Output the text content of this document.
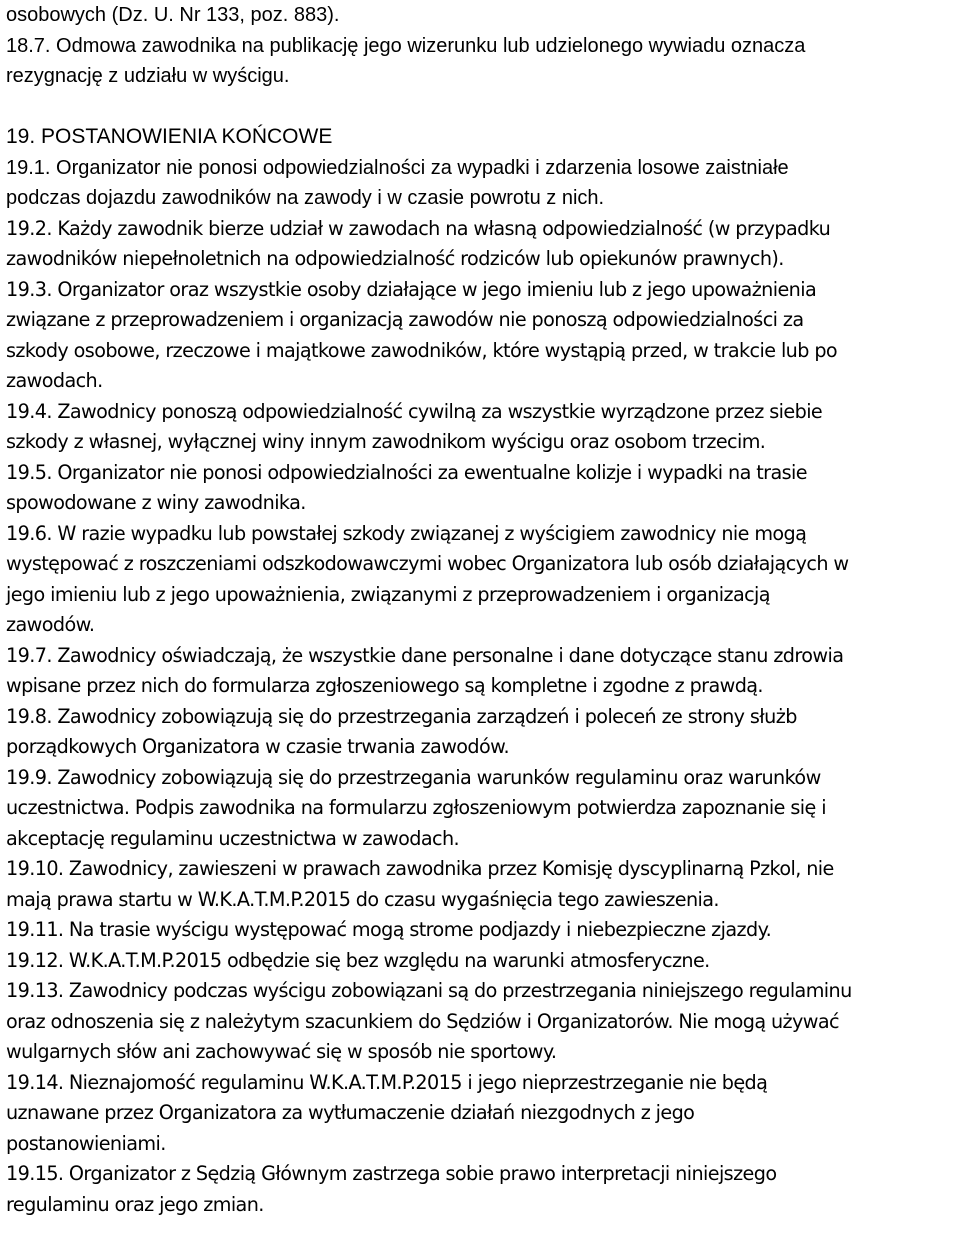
osobowych (Dz. U. Nr 133, poz. 883).

18.7. Odmowa zawodnika na publikację jego wizerunku lub udzielonego wywiadu oznacza

rezygnację z udziału w wyścigu.

19. POSTANOWIENIA KOŃCOWE

19.1. Organizator nie ponosi odpowiedzialności za wypadki i zdarzenia losowe zaistniałe

podczas dojazdu zawodników na zawody i w czasie powrotu z nich.

19.2. Każdy zawodnik bierze udział w zawodach na własną odpowiedzialność (w przypadku

zawodników niepełnoletnich na odpowiedzialność rodziców lub opiekunów prawnych).

19.3. Organizator oraz wszystkie osoby działające w jego imieniu lub z jego upoważnienia

związane z przeprowadzeniem i organizacją zawodów nie ponoszą odpowiedzialności za

szkody osobowe, rzeczowe i majątkowe zawodników, które wystąpią przed, w trakcie lub po

zawodach.

19.4. Zawodnicy ponoszą odpowiedzialność cywilną za wszystkie wyrządzone przez siebie

szkody z własnej, wyłącznej winy innym zawodnikom wyścigu oraz osobom trzecim.

19.5. Organizator nie ponosi odpowiedzialności za ewentualne kolizje i wypadki na trasie

spowodowane z winy zawodnika.

19.6. W razie wypadku lub powstałej szkody związanej z wyścigiem zawodnicy nie mogą

występować z roszczeniami odszkodowawczymi wobec Organizatora lub osób działających w

jego imieniu lub z jego upoważnienia, związanymi z przeprowadzeniem i organizacją

zawodów.

19.7. Zawodnicy oświadczają, że wszystkie dane personalne i dane dotyczące stanu zdrowia

wpisane przez nich do formularza zgłoszeniowego są kompletne i zgodne z prawdą.

19.8. Zawodnicy zobowiązują się do przestrzegania zarządzeń i poleceń ze strony służb

porządkowych Organizatora w czasie trwania zawodów.

19.9. Zawodnicy zobowiązują się do przestrzegania warunków regulaminu oraz warunków

uczestnictwa. Podpis zawodnika na formularzu zgłoszeniowym potwierdza zapoznanie się i

akceptację regulaminu uczestnictwa w zawodach.

19.10. Zawodnicy, zawieszeni w prawach zawodnika przez Komisję dyscyplinarną Pzkol, nie

mają prawa startu w W.K.A.T.M.P.2015 do czasu wygaśnięcia tego zawieszenia.

19.11. Na trasie wyścigu występować mogą strome podjazdy i niebezpieczne zjazdy.

19.12. W.K.A.T.M.P.2015 odbędzie się bez względu na warunki atmosferyczne.

19.13. Zawodnicy podczas wyścigu zobowiązani są do przestrzegania niniejszego regulaminu

oraz odnoszenia się z należytym szacunkiem do Sędziów i Organizatorów. Nie mogą używać

wulgarnych słów ani zachowywać się w sposób nie sportowy.

19.14. Nieznajomość regulaminu W.K.A.T.M.P.2015 i jego nieprzestrzeganie nie będą

uznawane przez Organizatora za wytłumaczenie działań niezgodnych z jego

postanowieniami.

19.15. Organizator z Sędzią Głównym zastrzega sobie prawo interpretacji niniejszego

regulaminu oraz jego zmian.
